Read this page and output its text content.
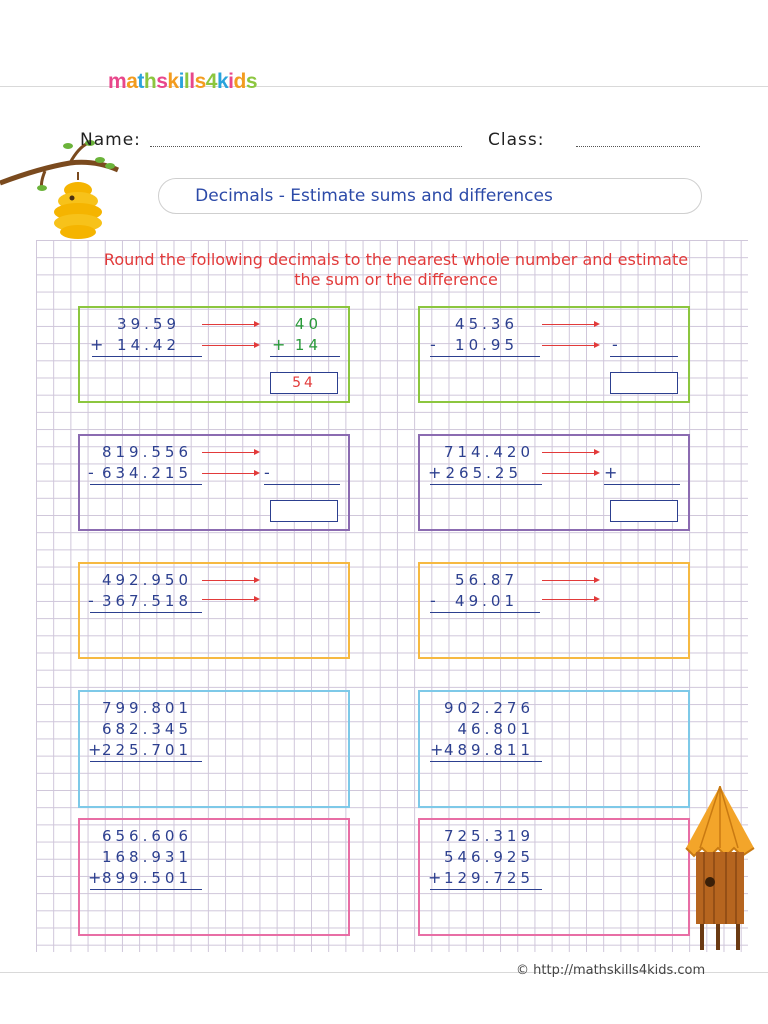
mathskills4kids
Name:	Class:
Decimals - Estimate sums and differences
Round the following decimals to the nearest whole number and estimate
the sum or the difference
39.59
+ 14.42
40
+ 14
54
45.36
- 10.95	-
819.556
- 634.215	-
714.420
+ 265.25	+
492.950
- 367.518
56.87
- 49.01
799.801
682.345
+ 225.701
902.276
46.801
+ 489.811
656.606
168.931
+ 899.501
725.319
546.925
+ 129.725
© http://mathskills4kids.com
